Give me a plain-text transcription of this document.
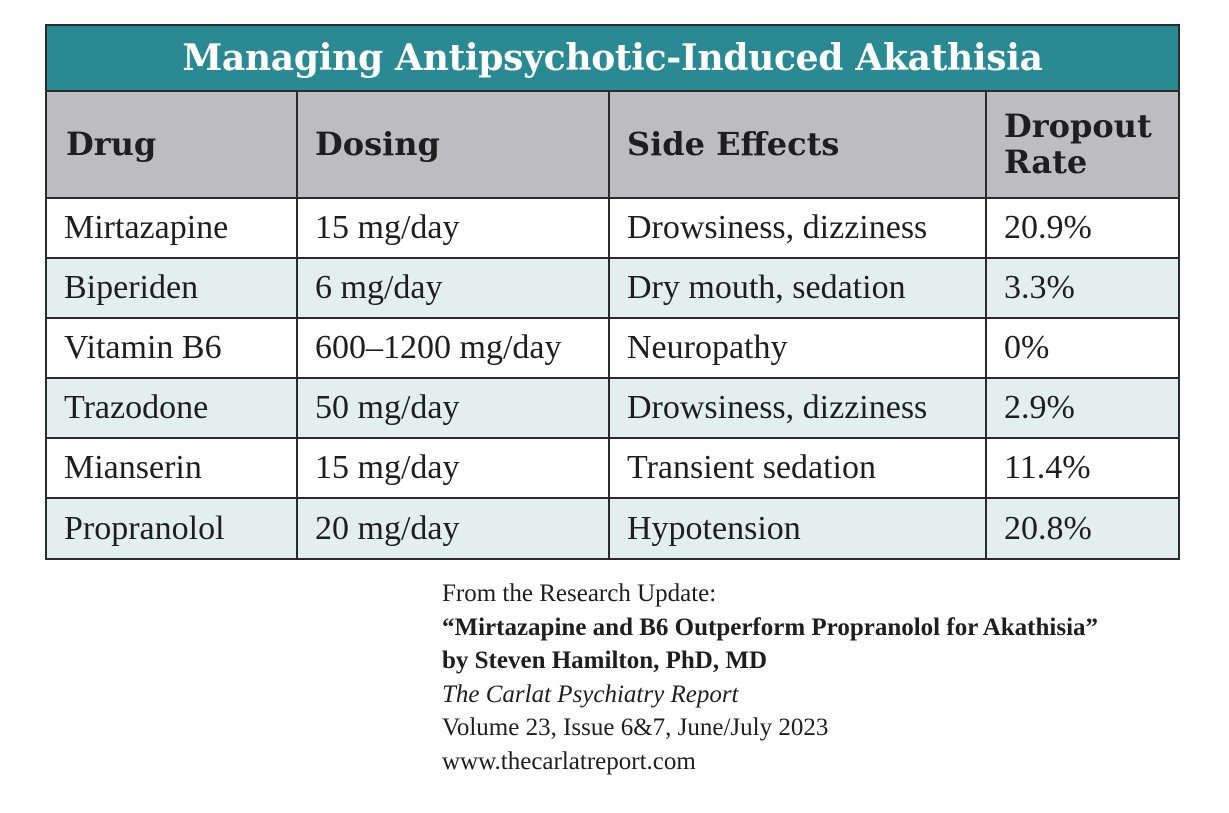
Managing Antipsychotic-Induced Akathisia
Drug	Dosing	Side Effects	Dropout
Rate
Mirtazapine	15 mg/day	Drowsiness, dizziness	20.9%
Biperiden	6 mg/day	Dry mouth, sedation	3.3%
Vitamin B6	600–1200 mg/day	Neuropathy	0%
Trazodone	50 mg/day	Drowsiness, dizziness	2.9%
Mianserin	15 mg/day	Transient sedation	11.4%
Propranolol	20 mg/day	Hypotension	20.8%
From the Research Update:
“Mirtazapine and B6 Outperform Propranolol for Akathisia”
by Steven Hamilton, PhD, MD
The Carlat Psychiatry Report
Volume 23, Issue 6&7, June/July 2023
www.thecarlatreport.com
